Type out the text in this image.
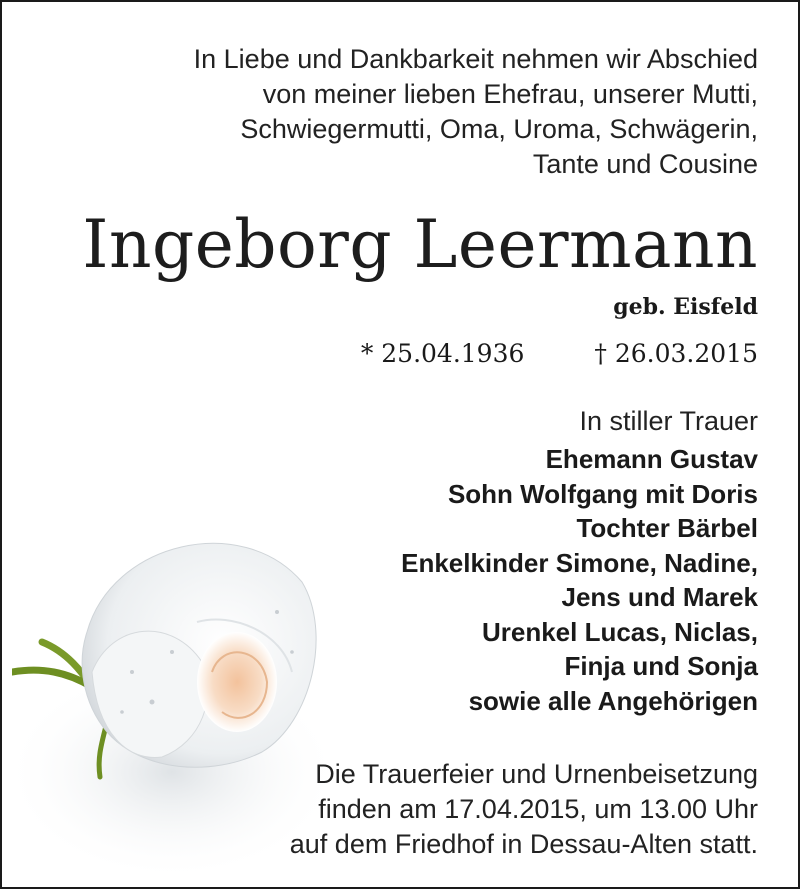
In Liebe und Dankbarkeit nehmen wir Abschied
von meiner lieben Ehefrau, unserer Mutti,
Schwiegermutti, Oma, Uroma, Schwägerin,
Tante und Cousine
Ingeborg Leermann
geb. Eisfeld
* 25.04.1936	† 26.03.2015
In stiller Trauer
Ehemann Gustav
Sohn Wolfgang mit Doris
Tochter Bärbel
Enkelkinder Simone, Nadine,
Jens und Marek
Urenkel Lucas, Niclas,
Finja und Sonja
sowie alle Angehörigen
Die Trauerfeier und Urnenbeisetzung
finden am 17.04.2015, um 13.00 Uhr
auf dem Friedhof in Dessau-Alten statt.
